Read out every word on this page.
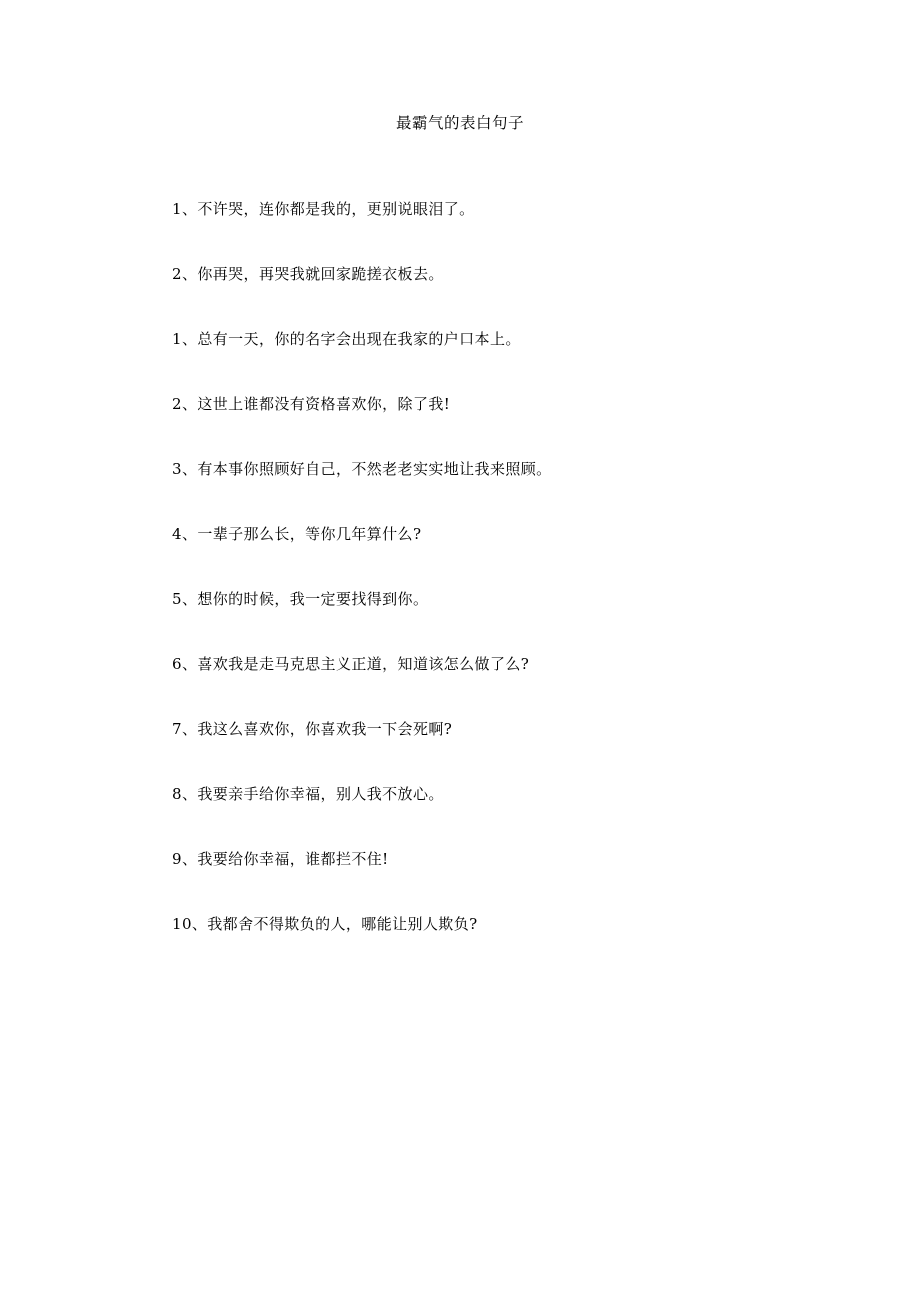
最霸气的表白句子

1、不许哭，连你都是我的，更别说眼泪了。

2、你再哭，再哭我就回家跪搓衣板去。

1、总有一天，你的名字会出现在我家的户口本上。

2、这世上谁都没有资格喜欢你，除了我!

3、有本事你照顾好自己，不然老老实实地让我来照顾。

4、一辈子那么长，等你几年算什么?

5、想你的时候，我一定要找得到你。

6、喜欢我是走马克思主义正道，知道该怎么做了么?

7、我这么喜欢你，你喜欢我一下会死啊?

8、我要亲手给你幸福，别人我不放心。

9、我要给你幸福，谁都拦不住!

10、我都舍不得欺负的人，哪能让别人欺负?
